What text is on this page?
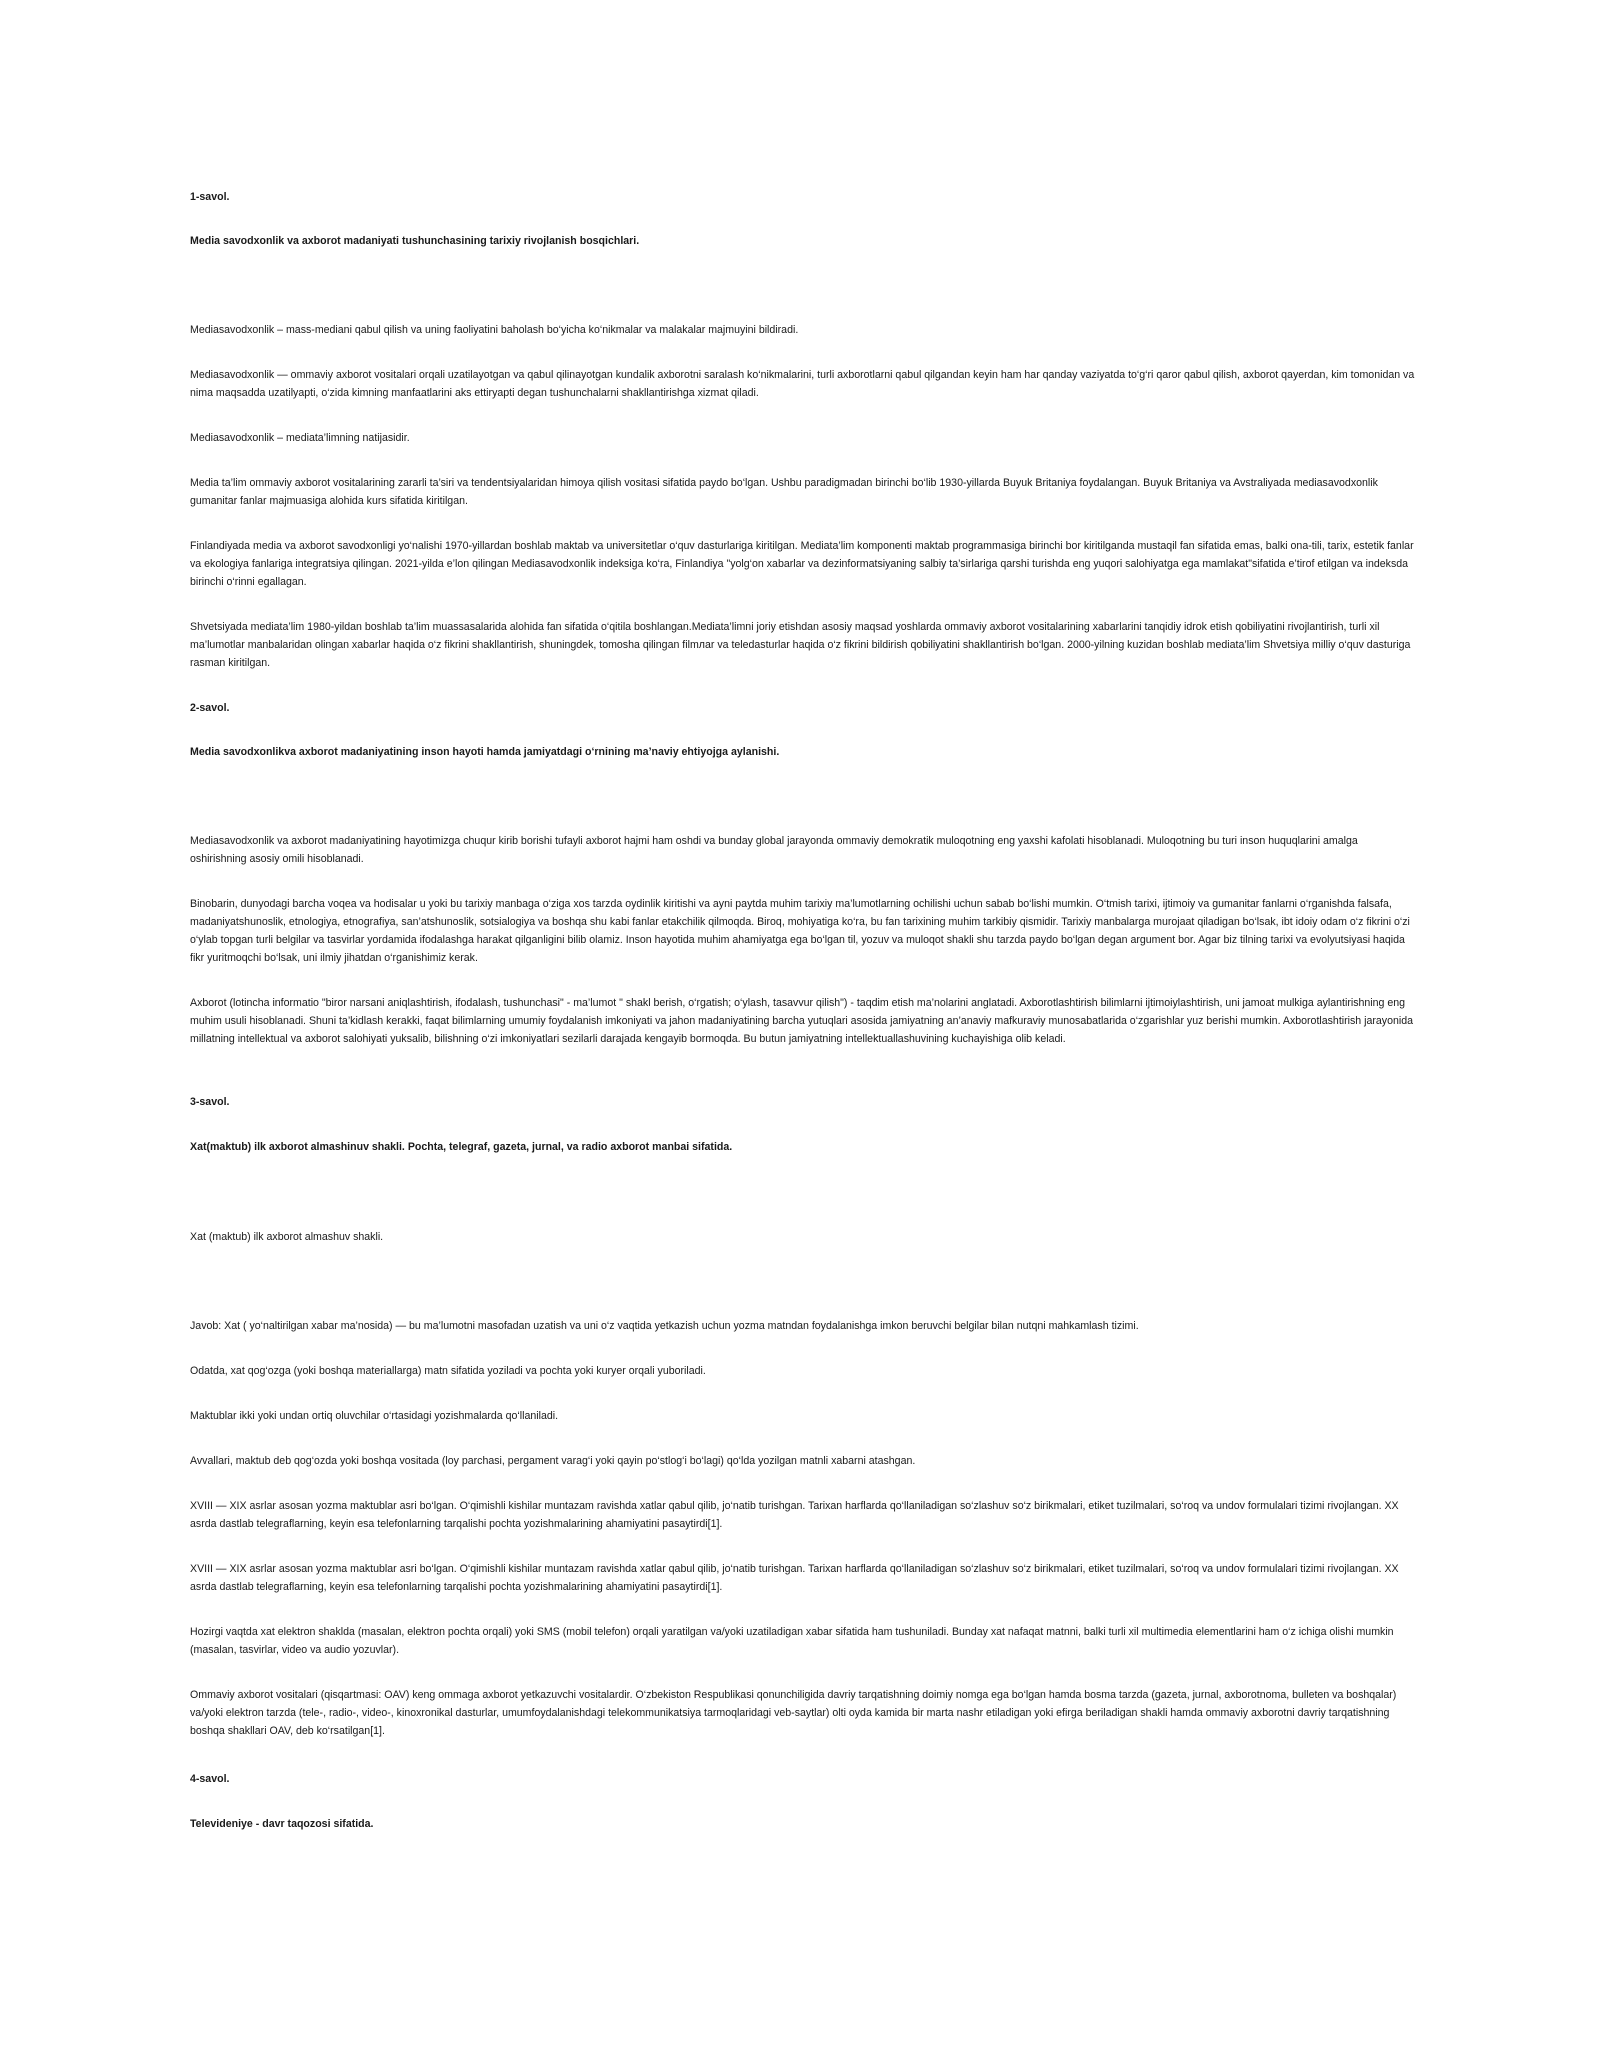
1-savol.
Media savodxonlik va axborot madaniyati tushunchasining tarixiy rivojlanish bosqichlari.
Mediasavodxonlik – mass-mediani qabul qilish va uning faoliyatini baholash bo‘yicha ko‘nikmalar va malakalar majmuyini bildiradi.
Mediasavodxonlik — ommaviy axborot vositalari orqali uzatilayotgan va qabul qilinayotgan kundalik axborotni saralash ko‘nikmalarini, turli axborotlarni qabul qilgandan keyin ham har qanday vaziyatda to‘g‘ri qaror qabul qilish, axborot qayerdan, kim tomonidan va nima maqsadda uzatilyapti, o‘zida kimning manfaatlarini aks ettiryapti degan tushunchalarni shakllantirishga xizmat qiladi.
Mediasavodxonlik – mediata’limning natijasidir.
Media ta’lim ommaviy axborot vositalarining zararli ta’siri va tendentsiyalaridan himoya qilish vositasi sifatida paydo bo‘lgan. Ushbu paradigmadan birinchi bo‘lib 1930-yillarda Buyuk Britaniya foydalangan. Buyuk Britaniya va Avstraliyada mediasavodxonlik gumanitar fanlar majmuasiga alohida kurs sifatida kiritilgan.
Finlandiyada media va axborot savodxonligi yo‘nalishi 1970-yillardan boshlab maktab va universitetlar o‘quv dasturlariga kiritilgan. Mediata’lim komponenti maktab programmasiga birinchi bor kiritilganda mustaqil fan sifatida emas, balki ona-tili, tarix, estetik fanlar va ekologiya fanlariga integratsiya qilingan. 2021-yilda e’lon qilingan Mediasavodxonlik indeksiga ko‘ra, Finlandiya "yolg‘on xabarlar va dezinformatsiyaning salbiy ta’sirlariga qarshi turishda eng yuqori salohiyatga ega mamlakat"sifatida e’tirof etilgan va indeksda birinchi o‘rinni egallagan.
Shvetsiyada mediata’lim 1980-yildan boshlab ta’lim muassasalarida alohida fan sifatida o‘qitila boshlangan.Mediata’limni joriy etishdan asosiy maqsad yoshlarda ommaviy axborot vositalarining xabarlarini tanqidiy idrok etish qobiliyatini rivojlantirish, turli xil ma’lumotlar manbalaridan olingan xabarlar haqida o‘z fikrini shakllantirish, shuningdek, tomosha qilingan filmлar va teledasturlar haqida o‘z fikrini bildirish qobiliyatini shakllantirish bo‘lgan. 2000-yilning kuzidan boshlab mediata’lim Shvetsiya milliy o‘quv dasturiga rasman kiritilgan.
2-savol.
Media savodxonlikva axborot madaniyatining inson hayoti hamda jamiyatdagi o‘rnining ma’naviy ehtiyojga aylanishi.
Mediasavodxonlik va axborot madaniyatining hayotimizga chuqur kirib borishi tufayli axborot hajmi ham oshdi va bunday global jarayonda ommaviy demokratik muloqotning eng yaxshi kafolati hisoblanadi. Muloqotning bu turi inson huquqlarini amalga oshirishning asosiy omili hisoblanadi.
Binobarin, dunyodagi barcha voqea va hodisalar u yoki bu tarixiy manbaga o‘ziga xos tarzda oydinlik kiritishi va ayni paytda muhim tarixiy ma’lumotlarning ochilishi uchun sabab bo‘lishi mumkin. O‘tmish tarixi, ijtimoiy va gumanitar fanlarni o‘rganishda falsafa, madaniyatshunoslik, etnologiya, etnografiya, san’atshunoslik, sotsialogiya va boshqa shu kabi fanlar etakchilik qilmoqda. Biroq, mohiyatiga ko‘ra, bu fan tarixining muhim tarkibiy qismidir. Tarixiy manbalarga murojaat qiladigan bo‘lsak, ibt idoiy odam o‘z fikrini o‘zi o‘ylab topgan turli belgilar va tasvirlar yordamida ifodalashga harakat qilganligini bilib olamiz. Inson hayotida muhim ahamiyatga ega bo‘lgan til, yozuv va muloqot shakli shu tarzda paydo bo‘lgan degan argument bor. Agar biz tilning tarixi va evolyutsiyasi haqida fikr yuritmoqchi bo‘lsak, uni ilmiy jihatdan o‘rganishimiz kerak.
Axborot (lotincha informatio "biror narsani aniqlashtirish, ifodalash, tushunchasi" - ma’lumot " shakl berish, o‘rgatish; o‘ylash, tasavvur qilish") - taqdim etish ma’nolarini anglatadi. Axborotlashtirish bilimlarni ijtimoiylashtirish, uni jamoat mulkiga aylantirishning eng muhim usuli hisoblanadi. Shuni ta’kidlash kerakki, faqat bilimlarning umumiy foydalanish imkoniyati va jahon madaniyatining barcha yutuqlari asosida jamiyatning an’anaviy mafkuraviy munosabatlarida o‘zgarishlar yuz berishi mumkin. Axborotlashtirish jarayonida millatning intellektual va axborot salohiyati yuksalib, bilishning o‘zi imkoniyatlari sezilarli darajada kengayib bormoqda. Bu butun jamiyatning intellektuallashuvining kuchayishiga olib keladi.
3-savol.
Xat(maktub) ilk axborot almashinuv shakli. Pochta, telegraf, gazeta, jurnal, va radio axborot manbai sifatida.
Xat (maktub) ilk axborot almashuv shakli.
Javob: Xat ( yo‘naltirilgan xabar ma’nosida) — bu ma’lumotni masofadan uzatish va uni o‘z vaqtida yetkazish uchun yozma matndan foydalanishga imkon beruvchi belgilar bilan nutqni mahkamlash tizimi.
Odatda, xat qog‘ozga (yoki boshqa materiallarga) matn sifatida yoziladi va pochta yoki kuryer orqali yuboriladi.
Maktublar ikki yoki undan ortiq oluvchilar o‘rtasidagi yozishmalarda qo‘llaniladi.
Avvallari, maktub deb qog‘ozda yoki boshqa vositada (loy parchasi, pergament varag‘i yoki qayin po‘stlog‘i bo‘lagi) qo‘lda yozilgan matnli xabarni atashgan.
XVIII — XIX asrlar asosan yozma maktublar asri bo‘lgan. O‘qimishli kishilar muntazam ravishda xatlar qabul qilib, jo‘natib turishgan. Tarixan harflarda qo‘llaniladigan so‘zlashuv so‘z birikmalari, etiket tuzilmalari, so‘roq va undov formulalari tizimi rivojlangan. XX asrda dastlab telegraflarning, keyin esa telefonlarning tarqalishi pochta yozishmalarining ahamiyatini pasaytirdi[1].
XVIII — XIX asrlar asosan yozma maktublar asri bo‘lgan. O‘qimishli kishilar muntazam ravishda xatlar qabul qilib, jo‘natib turishgan. Tarixan harflarda qo‘llaniladigan so‘zlashuv so‘z birikmalari, etiket tuzilmalari, so‘roq va undov formulalari tizimi rivojlangan. XX asrda dastlab telegraflarning, keyin esa telefonlarning tarqalishi pochta yozishmalarining ahamiyatini pasaytirdi[1].
Hozirgi vaqtda xat elektron shaklda (masalan, elektron pochta orqali) yoki SMS (mobil telefon) orqali yaratilgan va/yoki uzatiladigan xabar sifatida ham tushuniladi. Bunday xat nafaqat matnni, balki turli xil multimedia elementlarini ham o‘z ichiga olishi mumkin (masalan, tasvirlar, video va audio yozuvlar).
Ommaviy axborot vositalari (qisqartmasi: OAV) keng ommaga axborot yetkazuvchi vositalardir. O‘zbekiston Respublikasi qonunchiligida davriy tarqatishning doimiy nomga ega bo‘lgan hamda bosma tarzda (gazeta, jurnal, axborotnoma, bulleten va boshqalar) va/yoki elektron tarzda (tele-, radio-, video-, kinoxronikal dasturlar, umumfoydalanishdagi telekommunikatsiya tarmoqlaridagi veb-saytlar) olti oyda kamida bir marta nashr etiladigan yoki efirga beriladigan shakli hamda ommaviy axborotni davriy tarqatishning boshqa shakllari OAV, deb ko‘rsatilgan[1].
4-savol.
Televideniye - davr taqozosi sifatida.
